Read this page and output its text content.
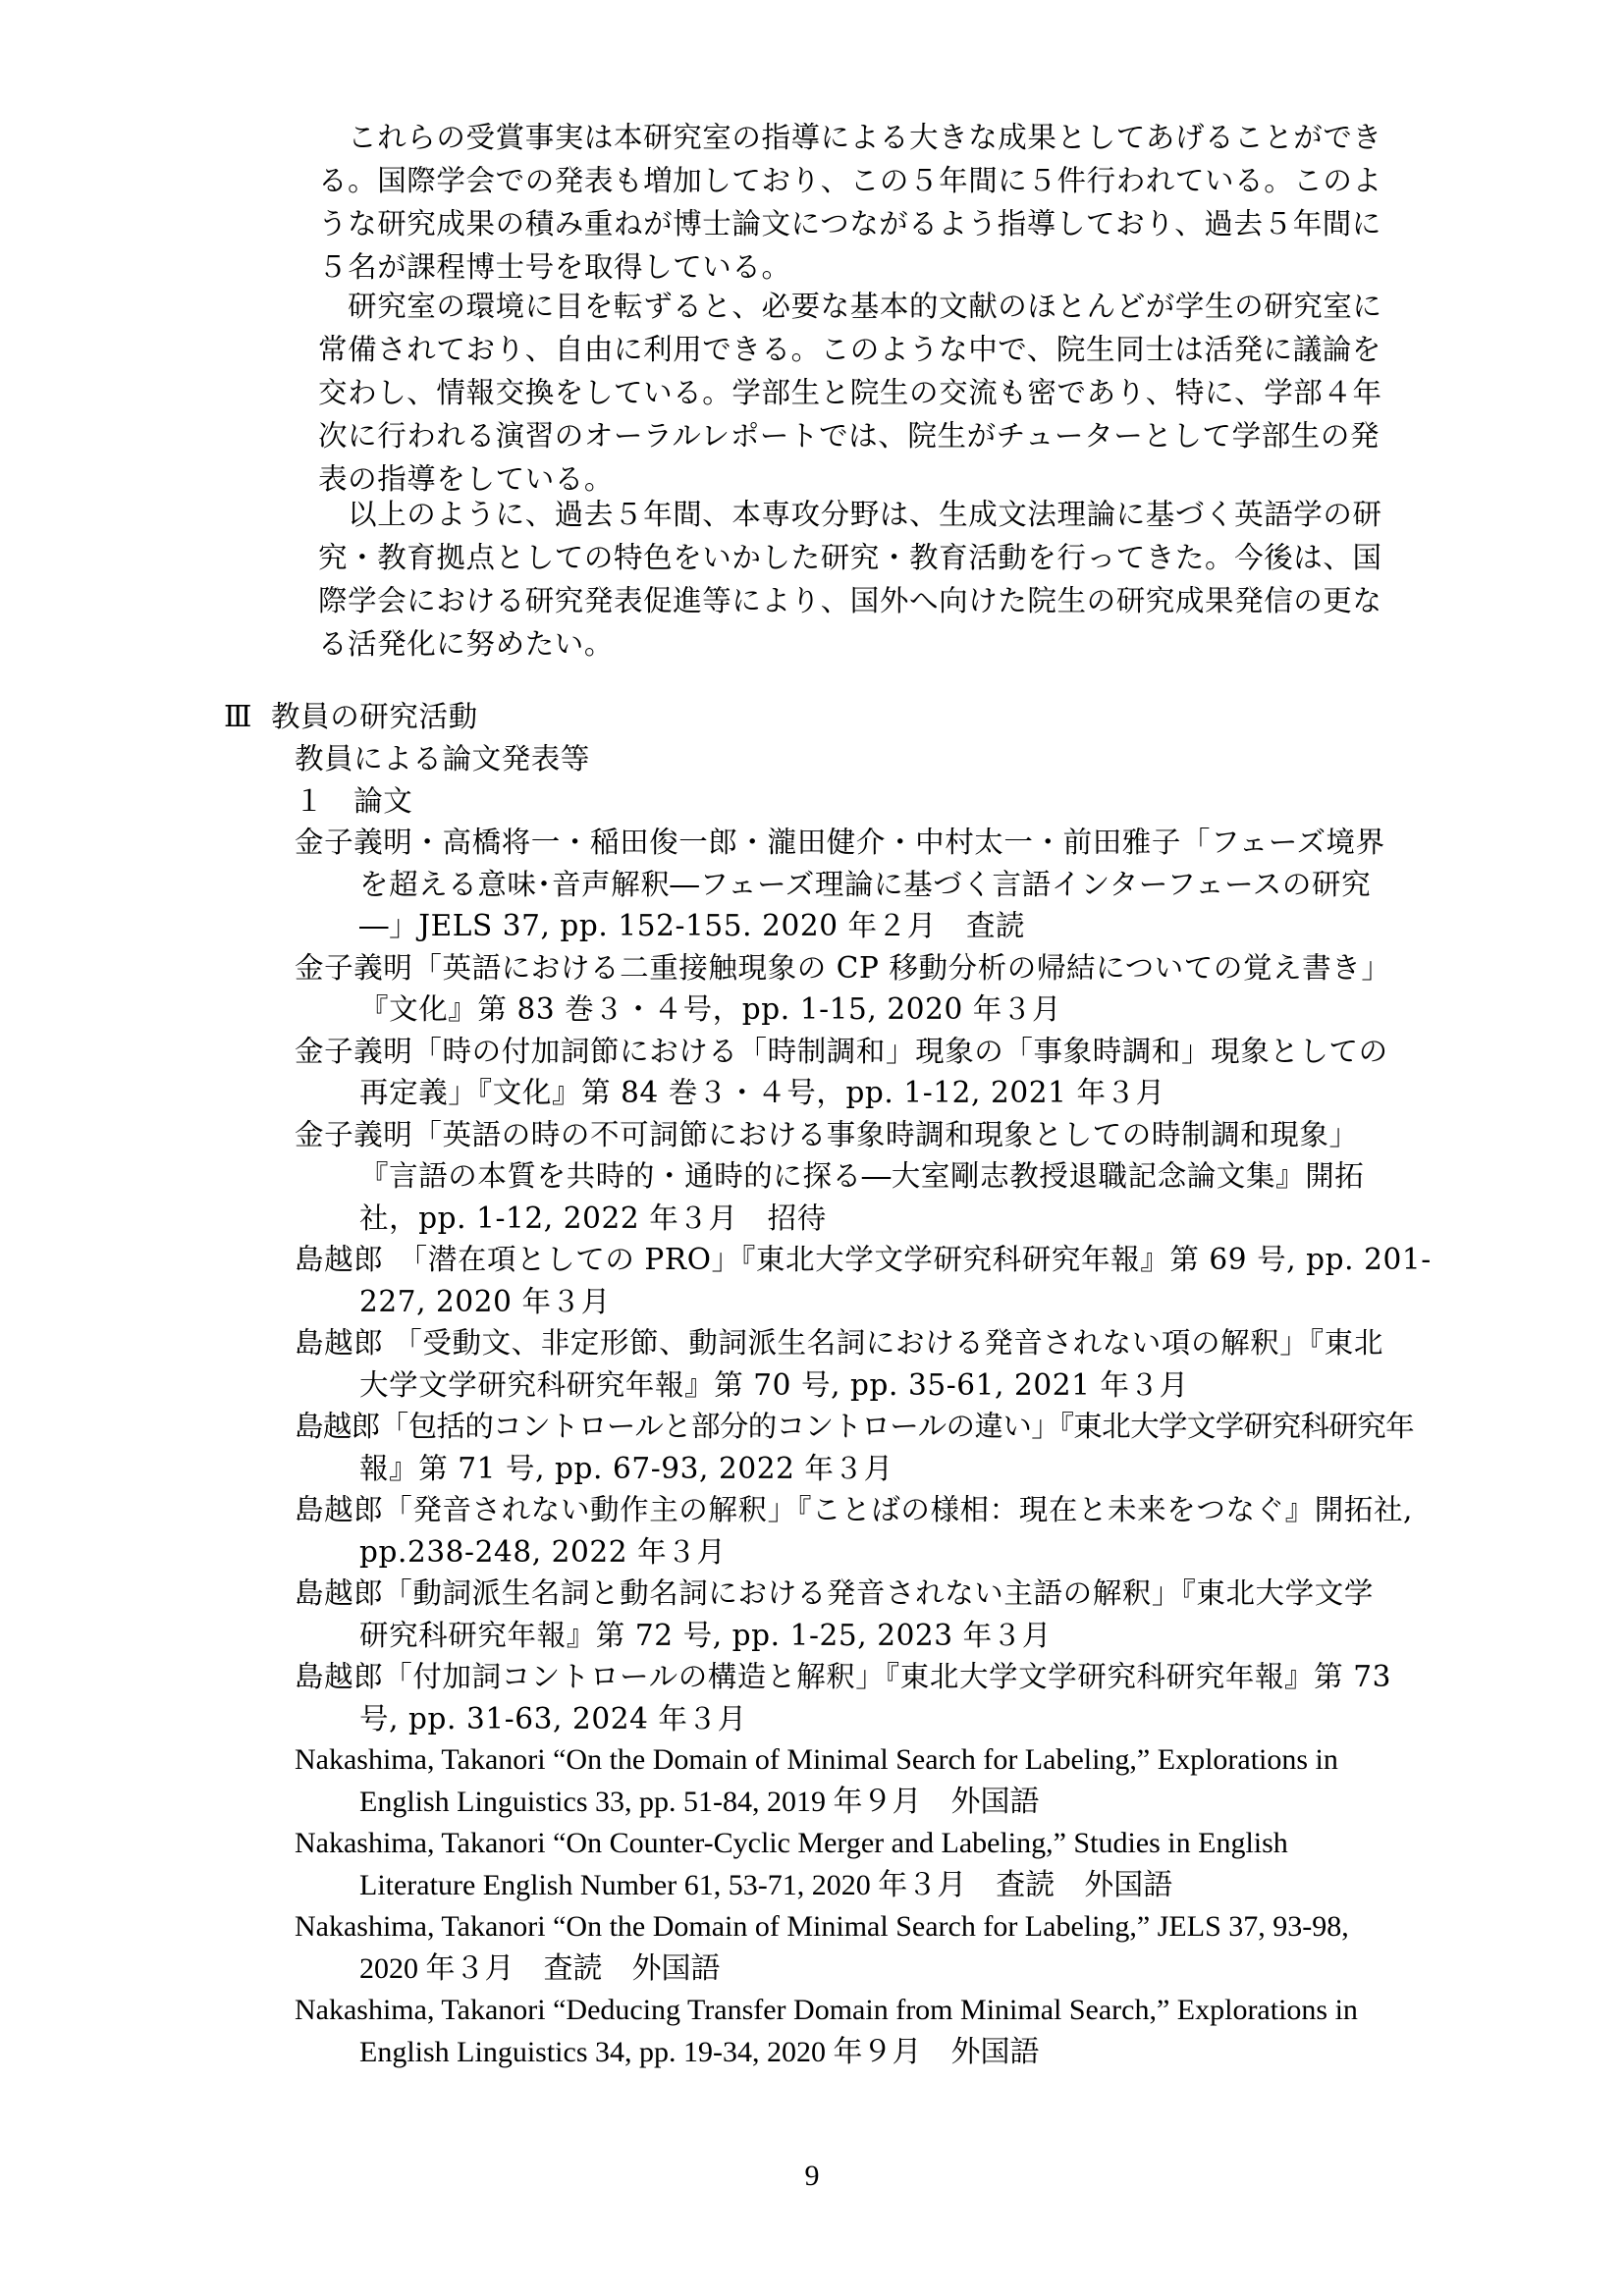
　これらの受賞事実は本研究室の指導による大きな成果としてあげることができ
る。国際学会での発表も増加しており、この５年間に５件行われている。このよ
うな研究成果の積み重ねが博士論文につながるよう指導しており、過去５年間に
５名が課程博士号を取得している。
　研究室の環境に目を転ずると、必要な基本的文献のほとんどが学生の研究室に
常備されており、自由に利用できる。このような中で、院生同士は活発に議論を
交わし、情報交換をしている。学部生と院生の交流も密であり、特に、学部４年
次に行われる演習のオーラルレポートでは、院生がチューターとして学部生の発
表の指導をしている。
　以上のように、過去５年間、本専攻分野は、生成文法理論に基づく英語学の研
究・教育拠点としての特色をいかした研究・教育活動を行ってきた。今後は、国
際学会における研究発表促進等により、国外へ向けた院生の研究成果発信の更な
る活発化に努めたい。
Ⅲ 教員の研究活動
教員による論文発表等
１　論文
金子義明・高橋将一・稲田俊一郎・瀧田健介・中村太一・前田雅子「フェーズ境界
を超える意味･音声解釈―フェーズ理論に基づく言語インターフェースの研究
―」JELS 37, pp. 152-155. 2020 年２月　査読
金子義明「英語における二重接触現象の CP 移動分析の帰結についての覚え書き」
『文化』第 83 巻３・４号，pp. 1-15, 2020 年３月
金子義明「時の付加詞節における「時制調和」現象の「事象時調和」現象としての
再定義」『文化』第 84 巻３・４号，pp. 1-12, 2021 年３月
金子義明「英語の時の不可詞節における事象時調和現象としての時制調和現象」
『言語の本質を共時的・通時的に探る―大室剛志教授退職記念論文集』開拓
社，pp. 1-12, 2022 年３月　招待
島越郎　「潜在項としての PRO」『東北大学文学研究科研究年報』第 69 号, pp. 201-
227, 2020 年３月
島越郎 「受動文、非定形節、動詞派生名詞における発音されない項の解釈」『東北
大学文学研究科研究年報』第 70 号, pp. 35-61, 2021 年３月
島越郎「包括的コントロールと部分的コントロールの違い」『東北大学文学研究科研究年
報』第 71 号, pp. 67-93, 2022 年３月
島越郎「発音されない動作主の解釈」『ことばの様相：現在と未来をつなぐ』開拓社,
pp.238-248, 2022 年３月
島越郎「動詞派生名詞と動名詞における発音されない主語の解釈」『東北大学文学
研究科研究年報』第 72 号, pp. 1-25, 2023 年３月
島越郎「付加詞コントロールの構造と解釈」『東北大学文学研究科研究年報』第 73
号, pp. 31-63, 2024 年３月
Nakashima, Takanori “On the Domain of Minimal Search for Labeling,” Explorations in
English Linguistics 33, pp. 51-84, 2019 年９月　外国語
Nakashima, Takanori “On Counter-Cyclic Merger and Labeling,” Studies in English
Literature English Number 61, 53-71, 2020 年３月　査読　外国語
Nakashima, Takanori “On the Domain of Minimal Search for Labeling,” JELS 37, 93-98,
2020 年３月　査読　外国語
Nakashima, Takanori “Deducing Transfer Domain from Minimal Search,” Explorations in
English Linguistics 34, pp. 19-34, 2020 年９月　外国語
9
